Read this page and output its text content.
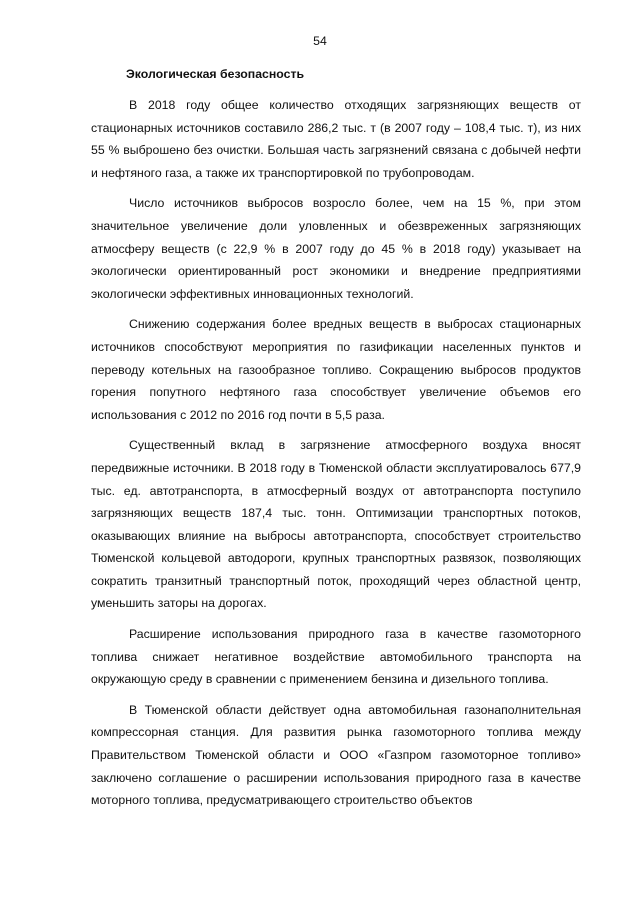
54
Экологическая безопасность

В 2018 году общее количество отходящих загрязняющих веществ от стационарных источников составило 286,2 тыс. т (в 2007 году – 108,4 тыс. т), из них 55 % выброшено без очистки. Большая часть загрязнений связана с добычей нефти и нефтяного газа, а также их транспортировкой по трубопроводам.

Число источников выбросов возросло более, чем на 15 %, при этом значительное увеличение доли уловленных и обезвреженных загрязняющих атмосферу веществ (с 22,9 % в 2007 году до 45 % в 2018 году) указывает на экологически ориентированный рост экономики и внедрение предприятиями экологически эффективных инновационных технологий.

Снижению содержания более вредных веществ в выбросах стационарных источников способствуют мероприятия по газификации населенных пунктов и переводу котельных на газообразное топливо. Сокращению выбросов продуктов горения попутного нефтяного газа способствует увеличение объемов его использования с 2012 по 2016 год почти в 5,5 раза.

Существенный вклад в загрязнение атмосферного воздуха вносят передвижные источники. В 2018 году в Тюменской области эксплуатировалось 677,9 тыс. ед. автотранспорта, в атмосферный воздух от автотранспорта поступило загрязняющих веществ 187,4 тыс. тонн. Оптимизации транспортных потоков, оказывающих влияние на выбросы автотранспорта, способствует строительство Тюменской кольцевой автодороги, крупных транспортных развязок, позволяющих сократить транзитный транспортный поток, проходящий через областной центр, уменьшить заторы на дорогах.

Расширение использования природного газа в качестве газомоторного топлива снижает негативное воздействие автомобильного транспорта на окружающую среду в сравнении с применением бензина и дизельного топлива.

В Тюменской области действует одна автомобильная газонаполнительная компрессорная станция. Для развития рынка газомоторного топлива между Правительством Тюменской области и ООО «Газпром газомоторное топливо» заключено соглашение о расширении использования природного газа в качестве моторного топлива, предусматривающего строительство объектов
